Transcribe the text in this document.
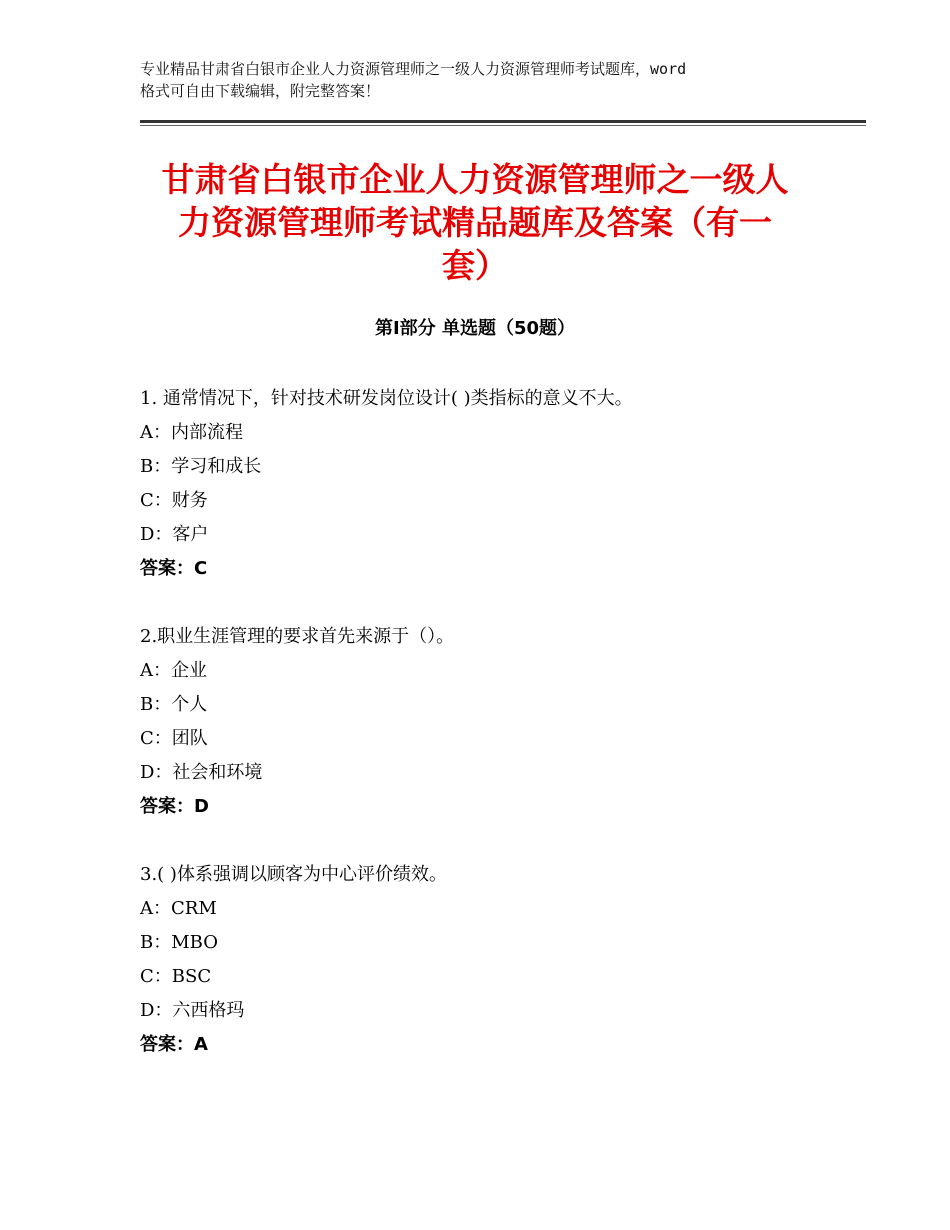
专业精品甘肃省白银市企业人力资源管理师之一级人力资源管理师考试题库，word
格式可自由下载编辑，附完整答案！
甘肃省白银市企业人力资源管理师之一级人
力资源管理师考试精品题库及答案（有一
套）
第Ⅰ部分 单选题（50题）
1. 通常情况下，针对技术研发岗位设计( )类指标的意义不大。
A：内部流程
B：学习和成长
C：财务
D：客户
答案：C
2.职业生涯管理的要求首先来源于（）。
A：企业
B：个人
C：团队
D：社会和环境
答案：D
3.( )体系强调以顾客为中心评价绩效。
A：CRM
B：MBO
C：BSC
D：六西格玛
答案：A
